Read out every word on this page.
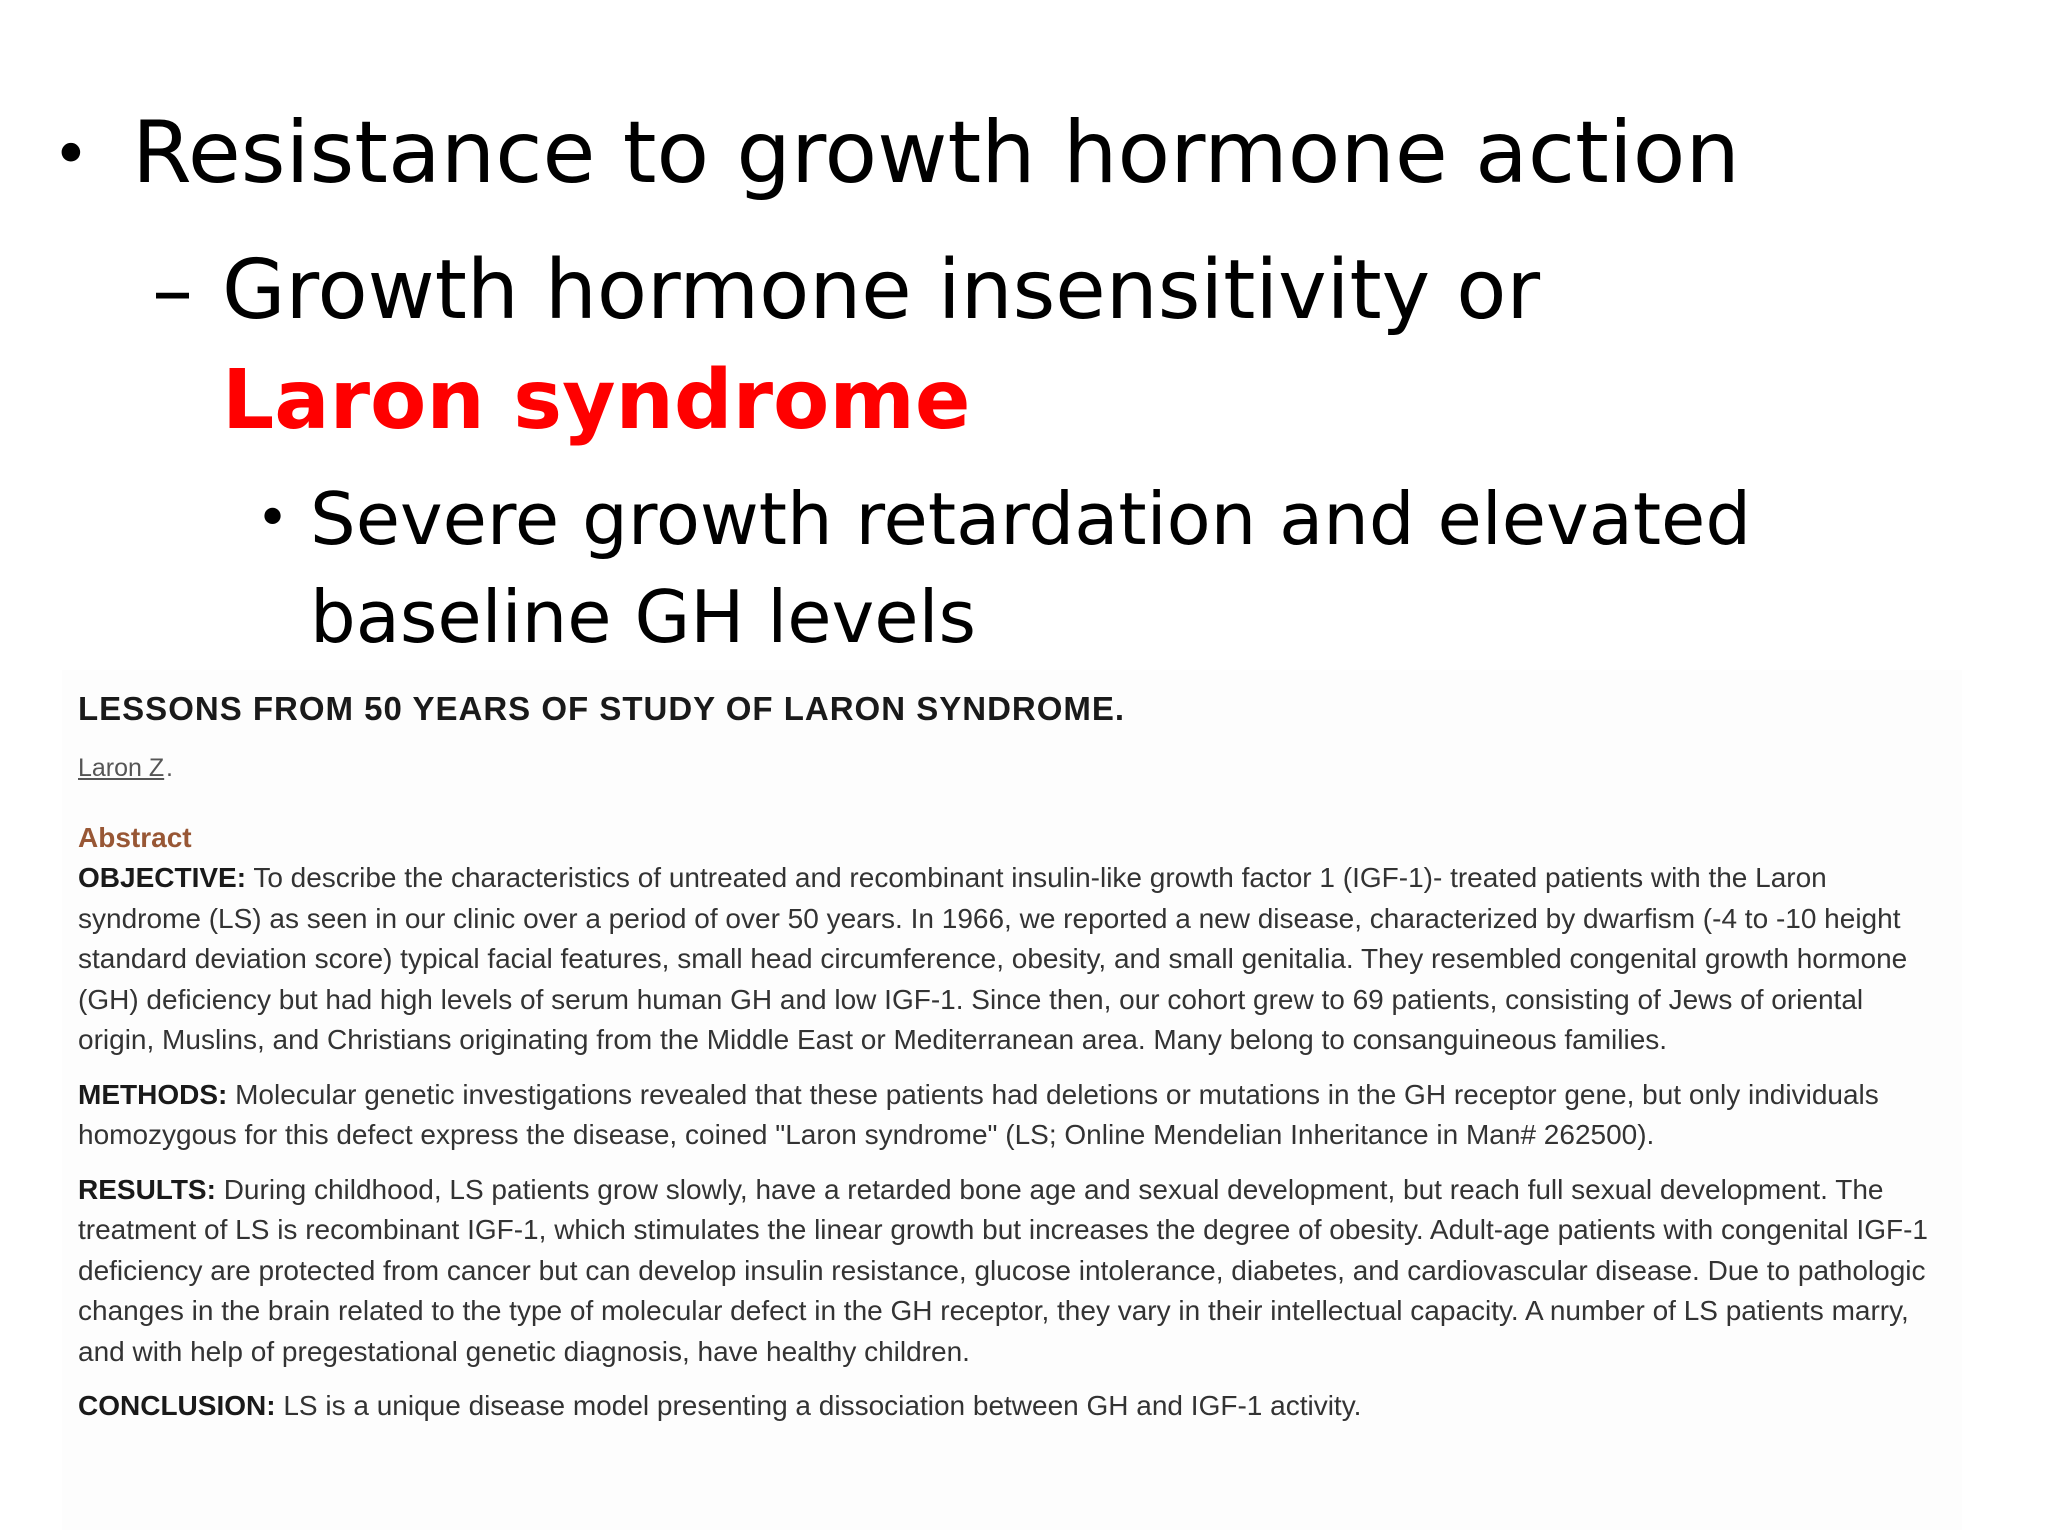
• Resistance to growth hormone action
– Growth hormone insensitivity or Laron syndrome
• Severe growth retardation and elevated baseline GH levels
LESSONS FROM 50 YEARS OF STUDY OF LARON SYNDROME.
Laron Z .
Abstract

OBJECTIVE: To describe the characteristics of untreated and recombinant insulin-like growth factor 1 (IGF-1)- treated patients with the Laron syndrome (LS) as seen in our clinic over a period of over 50 years. In 1966, we reported a new disease, characterized by dwarfism (-4 to -10 height standard deviation score) typical facial features, small head circumference, obesity, and small genitalia. They resembled congenital growth hormone (GH) deficiency but had high levels of serum human GH and low IGF-1. Since then, our cohort grew to 69 patients, consisting of Jews of oriental origin, Muslins, and Christians originating from the Middle East or Mediterranean area. Many belong to consanguineous families.

METHODS: Molecular genetic investigations revealed that these patients had deletions or mutations in the GH receptor gene, but only individuals homozygous for this defect express the disease, coined "Laron syndrome" (LS; Online Mendelian Inheritance in Man# 262500).

RESULTS: During childhood, LS patients grow slowly, have a retarded bone age and sexual development, but reach full sexual development. The treatment of LS is recombinant IGF-1, which stimulates the linear growth but increases the degree of obesity. Adult-age patients with congenital IGF-1 deficiency are protected from cancer but can develop insulin resistance, glucose intolerance, diabetes, and cardiovascular disease. Due to pathologic changes in the brain related to the type of molecular defect in the GH receptor, they vary in their intellectual capacity. A number of LS patients marry, and with help of pregestational genetic diagnosis, have healthy children.

CONCLUSION: LS is a unique disease model presenting a dissociation between GH and IGF-1 activity.
